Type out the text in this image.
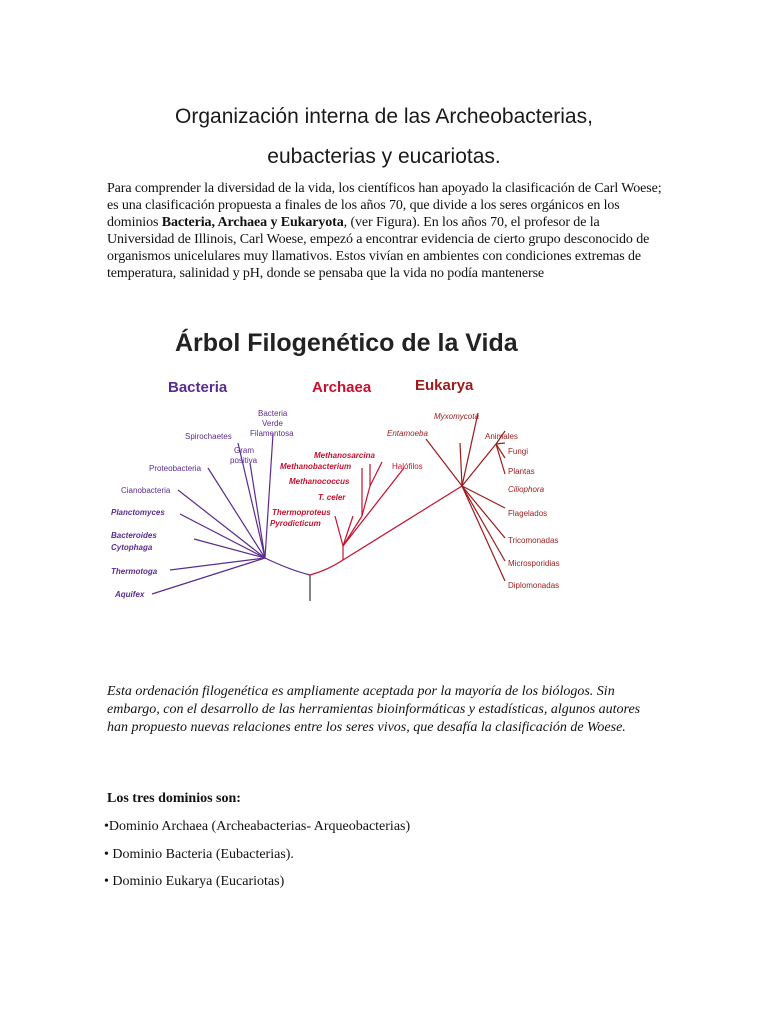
Organización interna de las Archeobacterias,
eubacterias y eucariotas.
Para comprender la diversidad de la vida, los científicos han apoyado la clasificación de Carl Woese; es una clasificación propuesta a finales de los años 70, que divide a los seres orgánicos en los dominios Bacteria, Archaea y Eukaryota, (ver Figura). En los años 70, el profesor de la Universidad de Illinois, Carl Woese, empezó a encontrar evidencia de cierto grupo desconocido de organismos unicelulares muy llamativos. Estos vivían en ambientes con condiciones extremas de temperatura, salinidad y pH, donde se pensaba que la vida no podía mantenerse
Árbol Filogenético de la Vida
Bacteria	Archaea	Eukarya
Aquifex
Thermotoga
Bacteroides
Cytophaga
Planctomyces
Cianobacteria
Proteobacteria
Spirochaetes
Gram
positiva
Bacteria
Verde
Filamentosa
Methanosarcina
Methanobacterium	Halófilos
Methanococcus
T. celer
Thermoproteus
Pyrodicticum
Entamoeba
Myxomycota
Animales
Fungi
Plantas
Ciliophora
Flagelados
Tricomonadas
Microsporidias
Diplomonadas
Esta ordenación filogenética es ampliamente aceptada por la mayoría de los biólogos. Sin embargo, con el desarrollo de las herramientas bioinformáticas y estadísticas, algunos autores han propuesto nuevas relaciones entre los seres vivos, que desafía la clasificación de Woese.
Los tres dominios son:
•Dominio Archaea (Archeabacterias- Arqueobacterias)
• Dominio Bacteria (Eubacterias).
• Dominio Eukarya (Eucariotas)
